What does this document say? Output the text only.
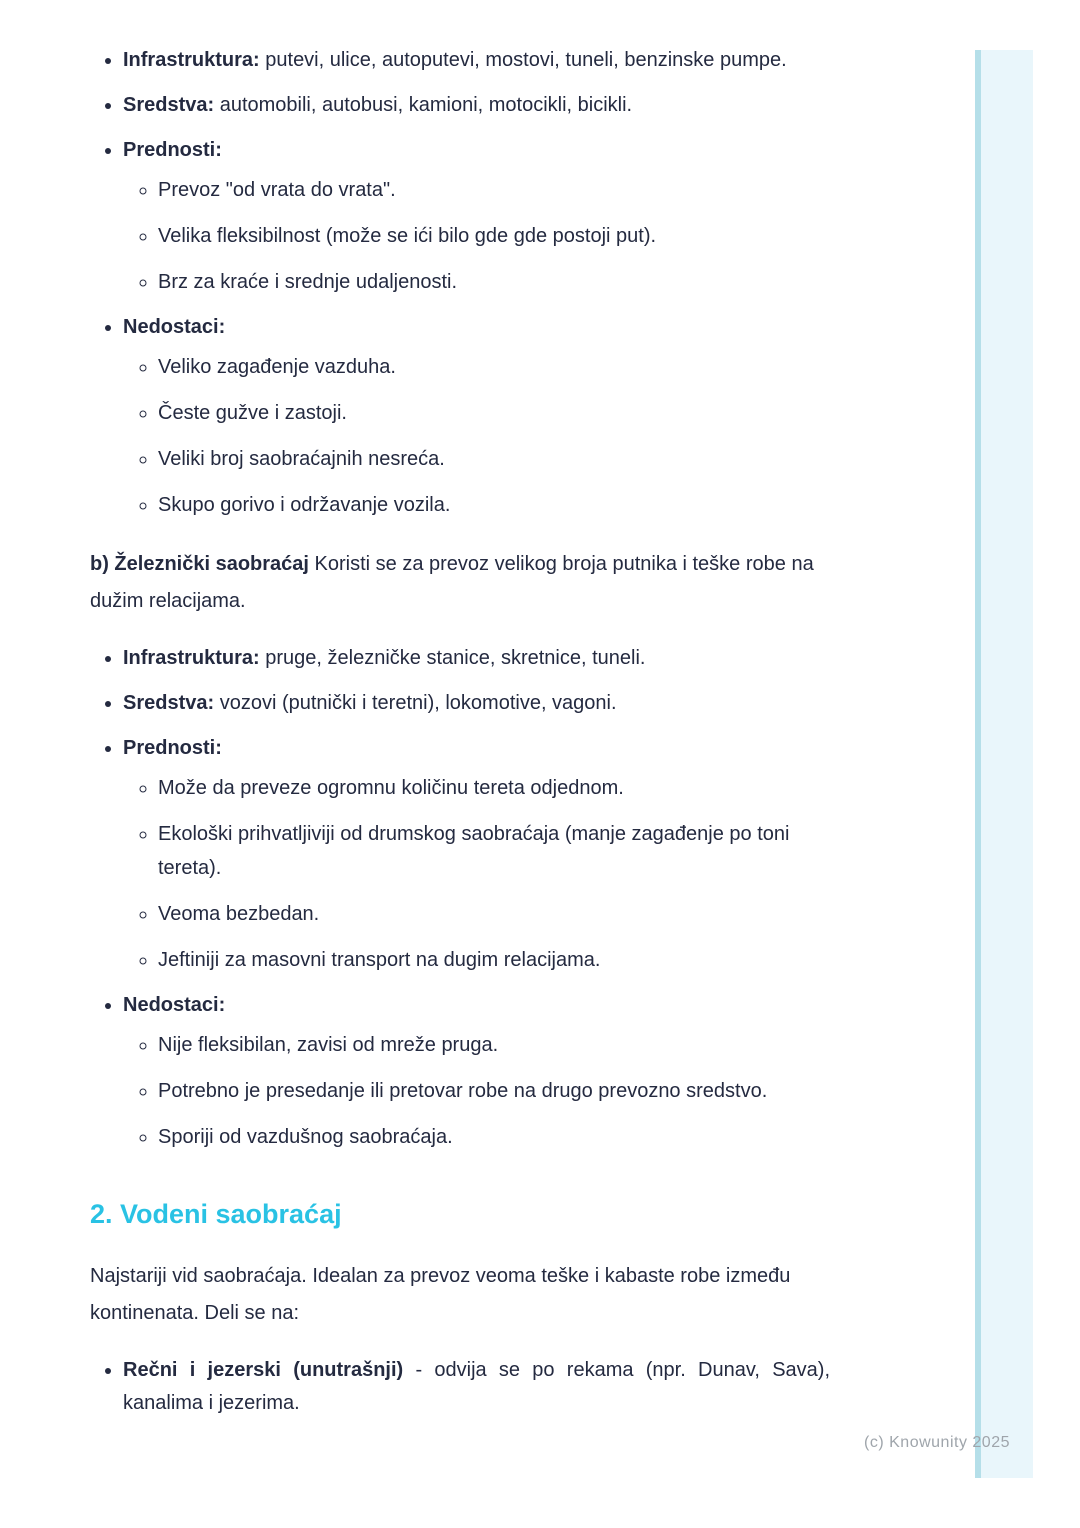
• Infrastruktura: putevi, ulice, autoputevi, mostovi, tuneli, benzinske pumpe.
• Sredstva: automobili, autobusi, kamioni, motocikli, bicikli.
• Prednosti:
◦ Prevoz "od vrata do vrata".
◦ Velika fleksibilnost (može se ići bilo gde gde postoji put).
◦ Brz za kraće i srednje udaljenosti.
• Nedostaci:
◦ Veliko zagađenje vazduha.
◦ Česte gužve i zastoji.
◦ Veliki broj saobraćajnih nesreća.
◦ Skupo gorivo i održavanje vozila.

b) Železnički saobraćaj Koristi se za prevoz velikog broja putnika i teške robe na dužim relacijama.

• Infrastruktura: pruge, železničke stanice, skretnice, tuneli.
• Sredstva: vozovi (putnički i teretni), lokomotive, vagoni.
• Prednosti:
◦ Može da preveze ogromnu količinu tereta odjednom.
◦ Ekološki prihvatljiviji od drumskog saobraćaja (manje zagađenje po toni tereta).
◦ Veoma bezbedan.
◦ Jeftiniji za masovni transport na dugim relacijama.
• Nedostaci:
◦ Nije fleksibilan, zavisi od mreže pruga.
◦ Potrebno je presedanje ili pretovar robe na drugo prevozno sredstvo.
◦ Sporiji od vazdušnog saobraćaja.
2. Vodeni saobraćaj

Najstariji vid saobraćaja. Idealan za prevoz veoma teške i kabaste robe između kontinenata. Deli se na:

• Rečni i jezerski (unutrašnji) - odvija se po rekama (npr. Dunav, Sava), kanalima i jezerima.
(c) Knowunity 2025
